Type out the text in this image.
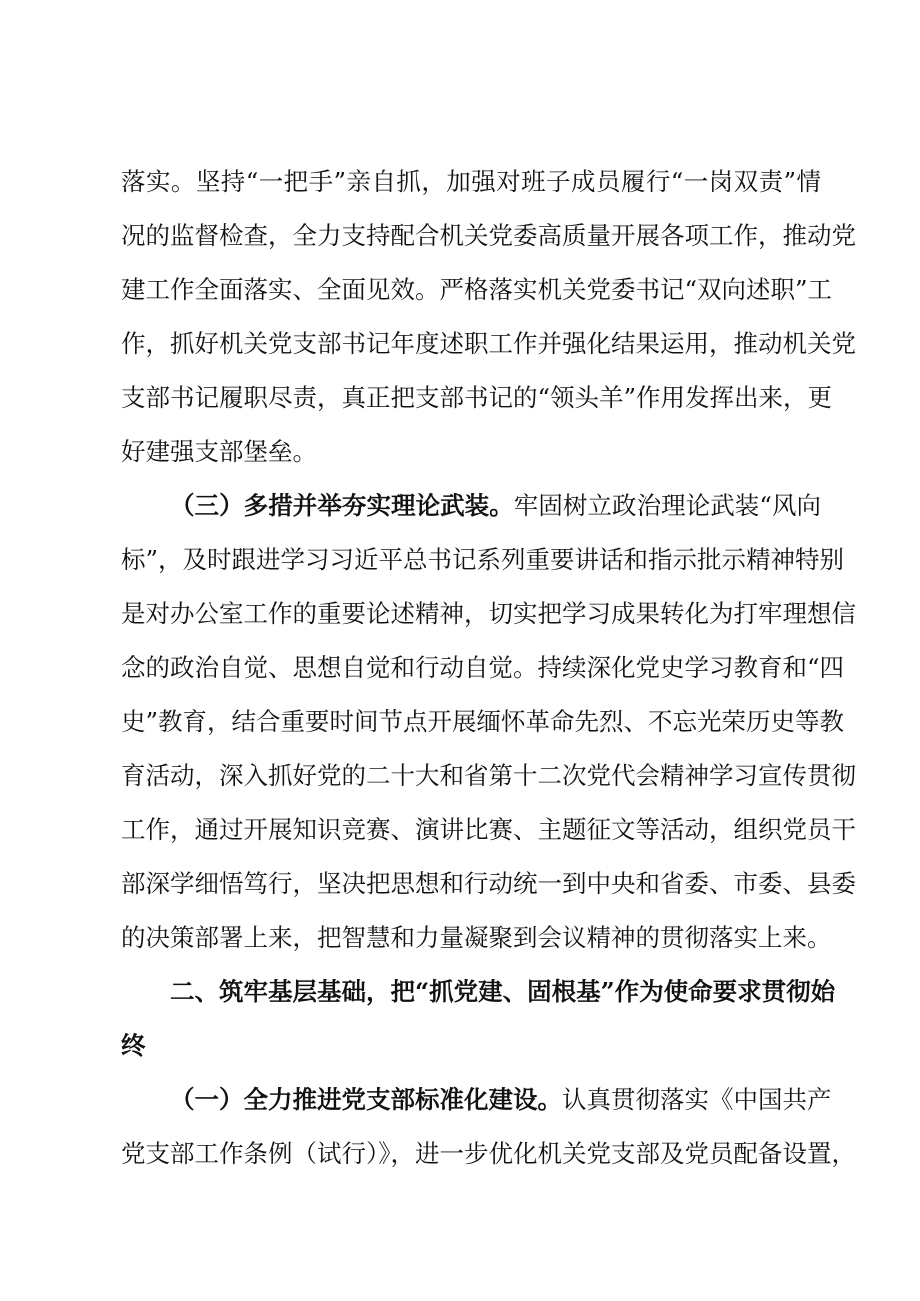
落实。坚持“一把手”亲自抓，加强对班子成员履行“一岗双责”情
况的监督检查，全力支持配合机关党委高质量开展各项工作，推动党
建工作全面落实、全面见效。严格落实机关党委书记“双向述职”工
作，抓好机关党支部书记年度述职工作并强化结果运用，推动机关党
支部书记履职尽责，真正把支部书记的“领头羊”作用发挥出来，更
好建强支部堡垒。
（三）多措并举夯实理论武装。牢固树立政治理论武装“风向
标”，及时跟进学习习近平总书记系列重要讲话和指示批示精神特别
是对办公室工作的重要论述精神，切实把学习成果转化为打牢理想信
念的政治自觉、思想自觉和行动自觉。持续深化党史学习教育和“四
史”教育，结合重要时间节点开展缅怀革命先烈、不忘光荣历史等教
育活动，深入抓好党的二十大和省第十二次党代会精神学习宣传贯彻
工作，通过开展知识竞赛、演讲比赛、主题征文等活动，组织党员干
部深学细悟笃行，坚决把思想和行动统一到中央和省委、市委、县委
的决策部署上来，把智慧和力量凝聚到会议精神的贯彻落实上来。
二、筑牢基层基础，把“抓党建、固根基”作为使命要求贯彻始
终
（一）全力推进党支部标准化建设。认真贯彻落实《中国共产
党支部工作条例（试行）》，进一步优化机关党支部及党员配备设置，
